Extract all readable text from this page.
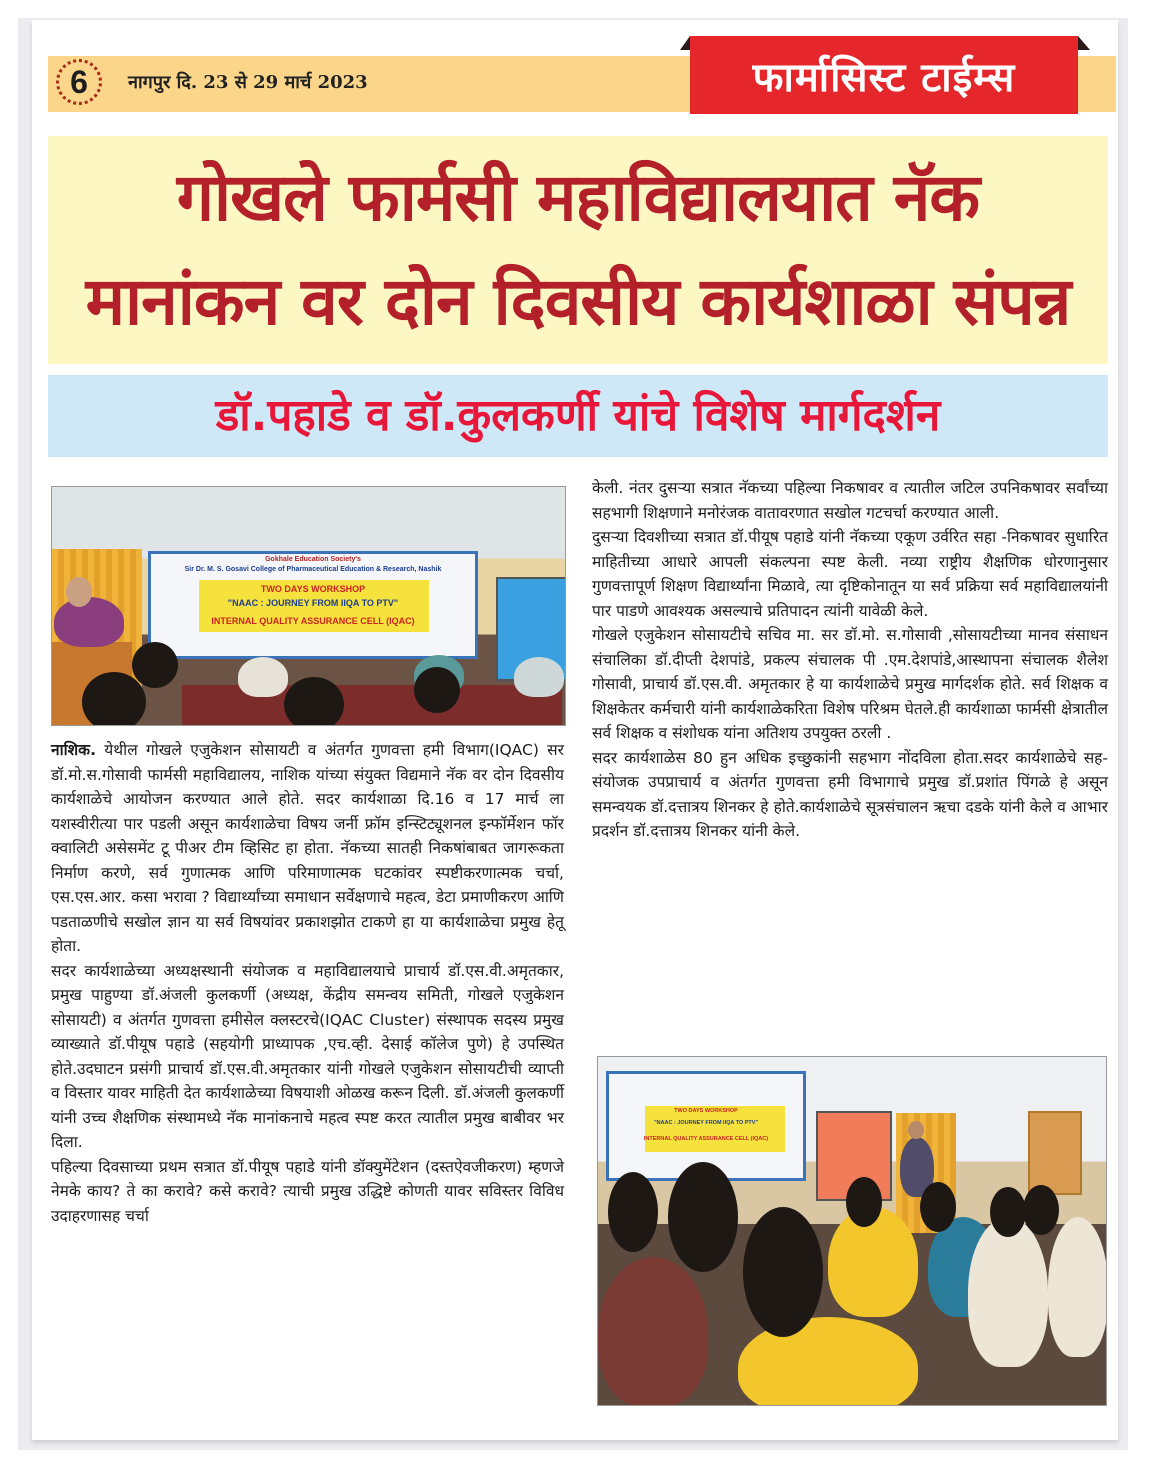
6	नागपुर दि. 23 से 29 मार्च 2023	फार्मासिस्ट टाईम्स
गोखले फार्मसी महाविद्यालयात नॅक
मानांकन वर दोन दिवसीय कार्यशाळा संपन्न
डॉ.पहाडे व डॉ.कुलकर्णी यांचे विशेष मार्गदर्शन
Gokhale Education Society's
Sir Dr. M. S. Gosavi College of Pharmaceutical Education & Research, Nashik
TWO DAYS WORKSHOP
"NAAC : JOURNEY FROM IIQA TO PTV"
INTERNAL QUALITY ASSURANCE CELL (IQAC)
TWO DAYS WORKSHOP
"NAAC : JOURNEY FROM IIQA TO PTV"
INTERNAL QUALITY ASSURANCE CELL (IQAC)

नाशिक. येथील गोखले एजुकेशन सोसायटी व अंतर्गत गुणवत्ता हमी विभाग(IQAC) सर डॉ.मो.स.गोसावी फार्मसी महाविद्यालय, नाशिक यांच्या संयुक्त विद्यमाने नॅक वर दोन दिवसीय कार्यशाळेचे आयोजन करण्यात आले होते. सदर कार्यशाळा दि.16 व 17 मार्च ला यशस्वीरीत्या पार पडली असून कार्यशाळेचा विषय जर्नी फ्रॉम इन्स्टिट्यूशनल इन्फॉर्मेशन फॉर क्वालिटी असेसमेंट टू पीअर टीम व्हिसिट हा होता. नॅकच्या सातही निकषांबाबत जागरूकता निर्माण करणे, सर्व गुणात्मक आणि परिमाणात्मक घटकांवर स्पष्टीकरणात्मक चर्चा, एस.एस.आर. कसा भरावा ? विद्यार्थ्यांच्या समाधान सर्वेक्षणाचे महत्व, डेटा प्रमाणीकरण आणि पडताळणीचे सखोल ज्ञान या सर्व विषयांवर प्रकाशझोत टाकणे हा या कार्यशाळेचा प्रमुख हेतू होता.

सदर कार्यशाळेच्या अध्यक्षस्थानी संयोजक व महाविद्यालयाचे प्राचार्य डॉ.एस.वी.अमृतकार, प्रमुख पाहुण्या डॉ.अंजली कुलकर्णी (अध्यक्ष, केंद्रीय समन्वय समिती, गोखले एजुकेशन सोसायटी) व अंतर्गत गुणवत्ता हमीसेल क्लस्टरचे(IQAC Cluster) संस्थापक सदस्य प्रमुख व्याख्याते डॉ.पीयूष पहाडे (सहयोगी प्राध्यापक ,एच.व्ही. देसाई कॉलेज पुणे) हे उपस्थित होते.उदघाटन प्रसंगी प्राचार्य डॉ.एस.वी.अमृतकार यांनी गोखले एजुकेशन सोसायटीची व्याप्ती व विस्तार यावर माहिती देत कार्यशाळेच्या विषयाशी ओळख करून दिली. डॉ.अंजली कुलकर्णी यांनी उच्च शैक्षणिक संस्थामध्ये नॅक मानांकनाचे महत्व स्पष्ट करत त्यातील प्रमुख बाबीवर भर दिला.

पहिल्या दिवसाच्या प्रथम सत्रात डॉ.पीयूष पहाडे यांनी डॉक्युमेंटेशन (दस्तऐवजीकरण) म्हणजे नेमके काय? ते का करावे? कसे करावे? त्याची प्रमुख उद्धिष्टे कोणती यावर सविस्तर विविध उदाहरणासह चर्चा

केली. नंतर दुसऱ्या सत्रात नॅकच्या पहिल्या निकषावर व त्यातील जटिल उपनिकषावर सर्वांच्या सहभागी शिक्षणाने मनोरंजक वातावरणात सखोल गटचर्चा करण्यात आली.

दुसऱ्या दिवशीच्या सत्रात डॉ.पीयूष पहाडे यांनी नॅकच्या एकूण उर्वरित सहा -निकषावर सुधारित माहितीच्या आधारे आपली संकल्पना स्पष्ट केली. नव्या राष्ट्रीय शैक्षणिक धोरणानुसार गुणवत्तापूर्ण शिक्षण विद्यार्थ्यांना मिळावे, त्या दृष्टिकोनातून या सर्व प्रक्रिया सर्व महाविद्यालयांनी पार पाडणे आवश्यक असल्याचे प्रतिपादन त्यांनी यावेळी केले.

गोखले एजुकेशन सोसायटीचे सचिव मा. सर डॉ.मो. स.गोसावी ,सोसायटीच्या मानव संसाधन संचालिका डॉ.दीप्ती देशपांडे, प्रकल्प संचालक पी .एम.देशपांडे,आस्थापना संचालक शैलेश गोसावी, प्राचार्य डॉ.एस.वी. अमृतकार हे या कार्यशाळेचे प्रमुख मार्गदर्शक होते. सर्व शिक्षक व शिक्षकेतर कर्मचारी यांनी कार्यशाळेकरिता विशेष परिश्रम घेतले.ही कार्यशाळा फार्मसी क्षेत्रातील सर्व शिक्षक व संशोधक यांना अतिशय उपयुक्त ठरली .

सदर कार्यशाळेस 80 हुन अधिक इच्छुकांनी सहभाग नोंदविला होता.सदर कार्यशाळेचे सह-संयोजक उपप्राचार्य व अंतर्गत गुणवत्ता हमी विभागाचे प्रमुख डॉ.प्रशांत पिंगळे हे असून समन्वयक डॉ.दत्तात्रय शिनकर हे होते.कार्यशाळेचे सूत्रसंचालन ऋचा दडके यांनी केले व आभार प्रदर्शन डॉ.दत्तात्रय शिनकर यांनी केले.
